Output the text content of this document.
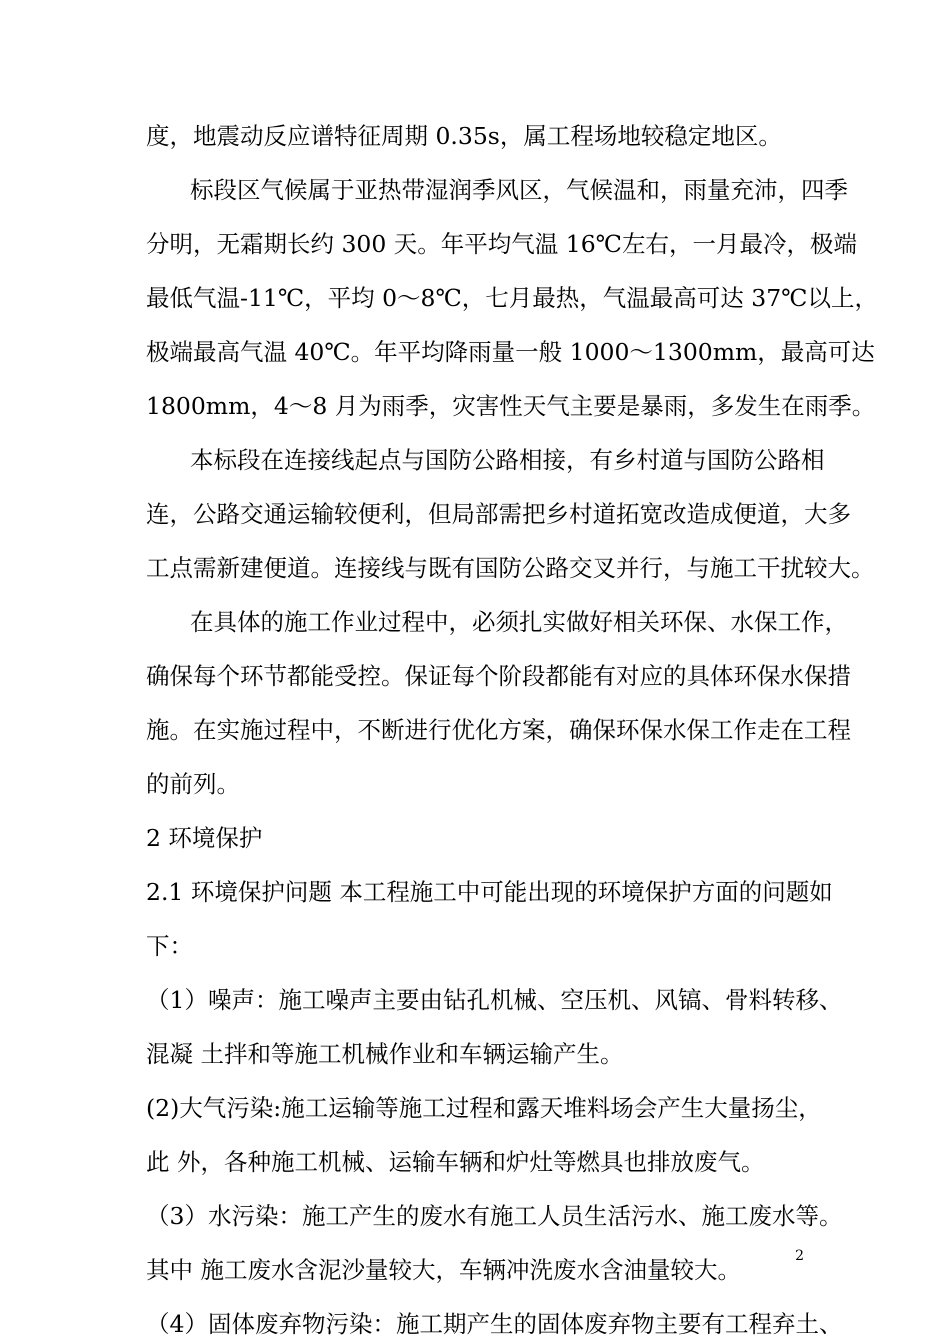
度，地震动反应谱特征周期 0.35s，属工程场地较稳定地区。
标段区气候属于亚热带湿润季风区，气候温和，雨量充沛，四季
分明，无霜期长约 300 天。年平均气温 16℃左右，一月最冷，极端
最低气温-11℃，平均 0～8℃，七月最热，气温最高可达 37℃以上，
极端最高气温 40℃。年平均降雨量一般 1000～1300mm，最高可达
1800mm，4～8 月为雨季，灾害性天气主要是暴雨，多发生在雨季。
本标段在连接线起点与国防公路相接，有乡村道与国防公路相
连，公路交通运输较便利，但局部需把乡村道拓宽改造成便道，大多
工点需新建便道。连接线与既有国防公路交叉并行，与施工干扰较大。
在具体的施工作业过程中，必须扎实做好相关环保、水保工作，
确保每个环节都能受控。保证每个阶段都能有对应的具体环保水保措
施。在实施过程中，不断进行优化方案，确保环保水保工作走在工程
的前列。
2 环境保护
2.1 环境保护问题 本工程施工中可能出现的环境保护方面的问题如
下：
（1）噪声：施工噪声主要由钻孔机械、空压机、风镐、骨料转移、
混凝 土拌和等施工机械作业和车辆运输产生。
(2)大气污染:施工运输等施工过程和露天堆料场会产生大量扬尘，
此 外，各种施工机械、运输车辆和炉灶等燃具也排放废气。
（3）水污染：施工产生的废水有施工人员生活污水、施工废水等。
其中 施工废水含泥沙量较大，车辆冲洗废水含油量较大。
（4）固体废弃物污染：施工期产生的固体废弃物主要有工程弃土、
2
